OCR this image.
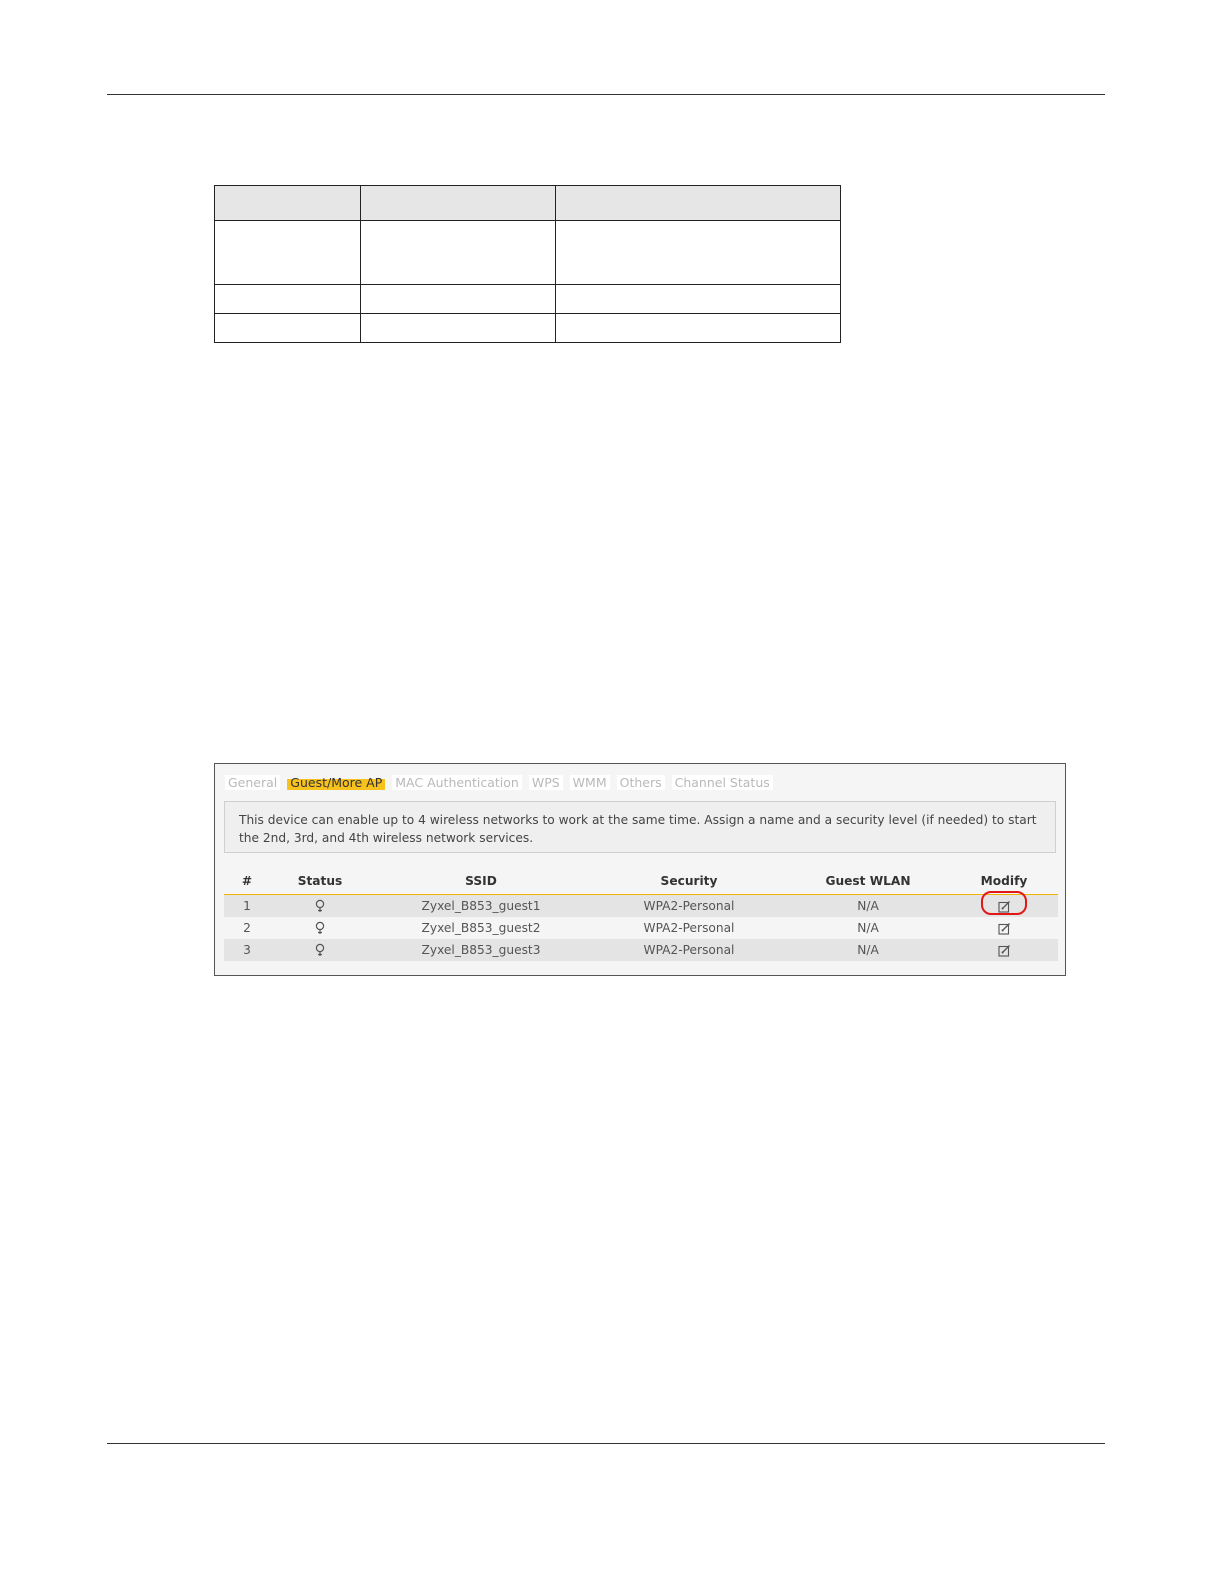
General Guest/More AP MAC Authentication WPS WMM Others Channel Status
This device can enable up to 4 wireless networks to work at the same time. Assign a name and a security level (if needed) to start the 2nd, 3rd, and 4th wireless network services.
#	Status	SSID	Security	Guest WLAN	Modify
1		Zyxel_B853_guest1	WPA2-Personal	N/A	

2		Zyxel_B853_guest2	WPA2-Personal	N/A	
3		Zyxel_B853_guest3	WPA2-Personal	N/A	
